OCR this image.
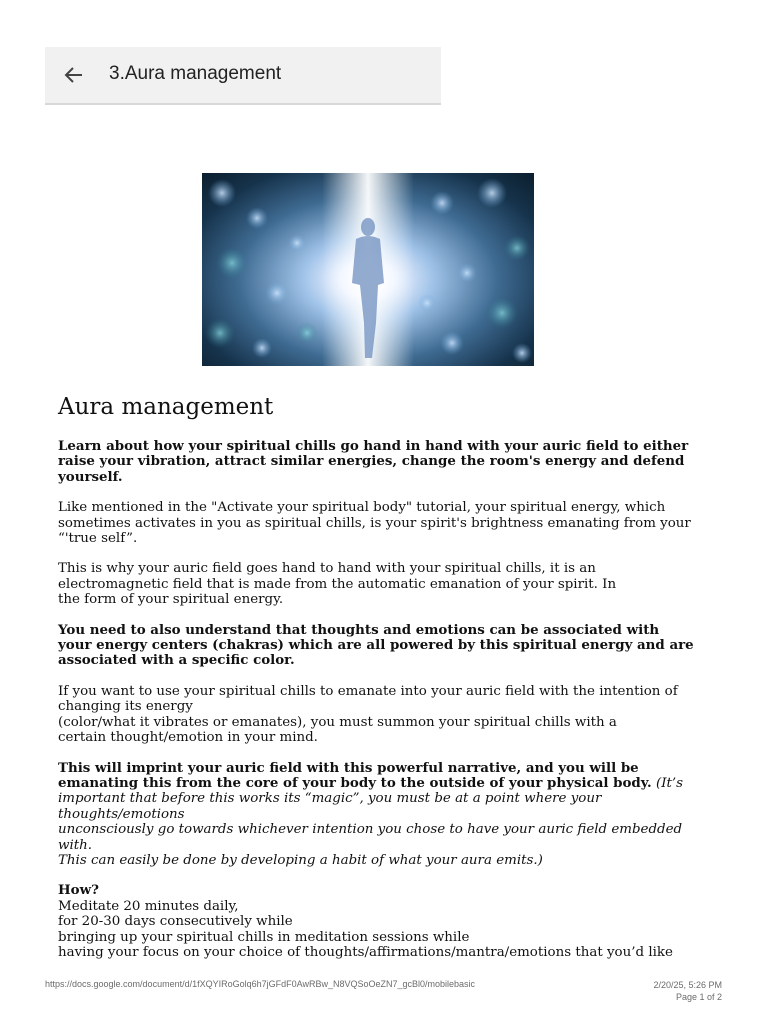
3.Aura management
Aura management

Learn about how your spiritual chills go hand in hand with your auric field to either
raise your vibration, attract similar energies, change the room's energy and defend
yourself.

Like mentioned in the "Activate your spiritual body" tutorial, your spiritual energy, which
sometimes activates in you as spiritual chills, is your spirit's brightness emanating from your
“'true self”.

This is why your auric field goes hand to hand with your spiritual chills, it is an
electromagnetic field that is made from the automatic emanation of your spirit. In
the form of your spiritual energy.

You need to also understand that thoughts and emotions can be associated with
your energy centers (chakras) which are all powered by this spiritual energy and are
associated with a specific color.

If you want to use your spiritual chills to emanate into your auric field with the intention of
changing its energy
(color/what it vibrates or emanates), you must summon your spiritual chills with a
certain thought/emotion in your mind.

This will imprint your auric field with this powerful narrative, and you will be
emanating this from the core of your body to the outside of your physical body. (It’s
important that before this works its “magic”, you must be at a point where your thoughts/emotions
unconsciously go towards whichever intention you chose to have your auric field embedded with.
This can easily be done by developing a habit of what your aura emits.)

How?

Meditate 20 minutes daily,
for 20-30 days consecutively while
bringing up your spiritual chills in meditation sessions while
having your focus on your choice of thoughts/affirmations/mantra/emotions that you’d like

https://docs.google.com/document/d/1fXQYIRoGolq6h7jGFdF0AwRBw_N8VQSoOeZN7_gcBl0/mobilebasic	2/20/25, 5:26 PM
Page 1 of 2
